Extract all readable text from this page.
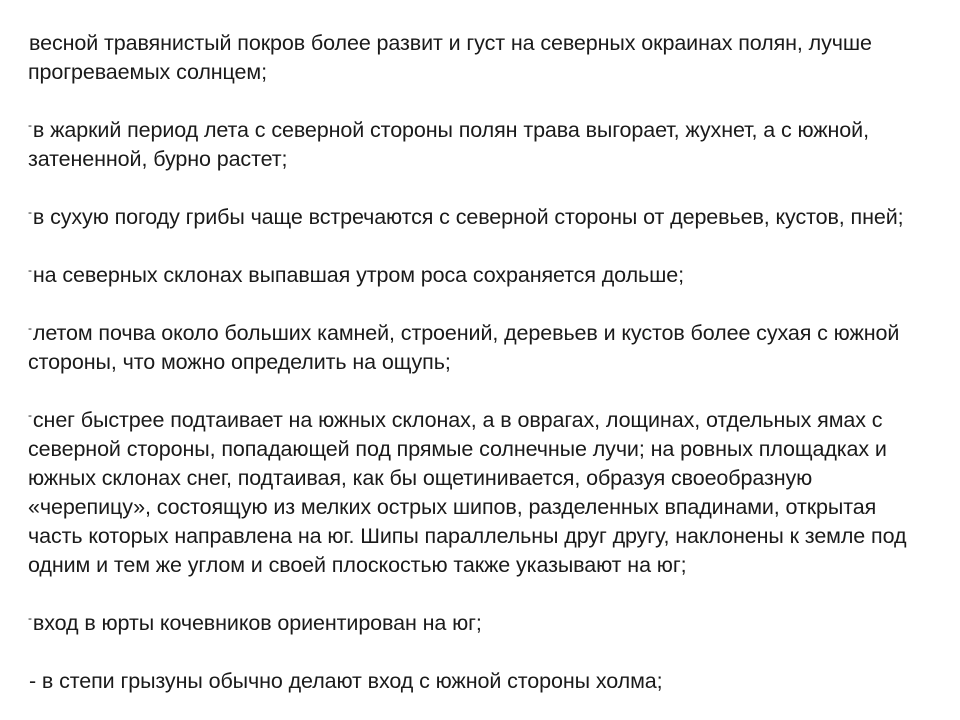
весной травянистый покров более развит и густ на северных окраинах полян, лучше прогреваемых солнцем;

-в жаркий период лета с северной стороны полян трава выгорает, жухнет, а с южной, затененной, бурно растет;

-в сухую погоду грибы чаще встречаются с северной стороны от деревьев, кустов, пней;

-на северных склонах выпавшая утром роса сохраняется дольше;

-летом почва около больших камней, строений, деревьев и кустов более сухая с южной стороны, что можно определить на ощупь;

-снег быстрее подтаивает на южных склонах, а в оврагах, лощинах, отдельных ямах с северной стороны, попадающей под прямые солнечные лучи; на ровных площадках и южных склонах снег, подтаивая, как бы ощетинивается, образуя своеобразную «черепицу», состоящую из мелких острых шипов, разделенных впадинами, открытая часть которых направлена на юг. Шипы параллельны друг другу, наклонены к земле под одним и тем же углом и своей плоскостью также указывают на юг;

-вход в юрты кочевников ориентирован на юг;

- в степи грызуны обычно делают вход с южной стороны холма;
